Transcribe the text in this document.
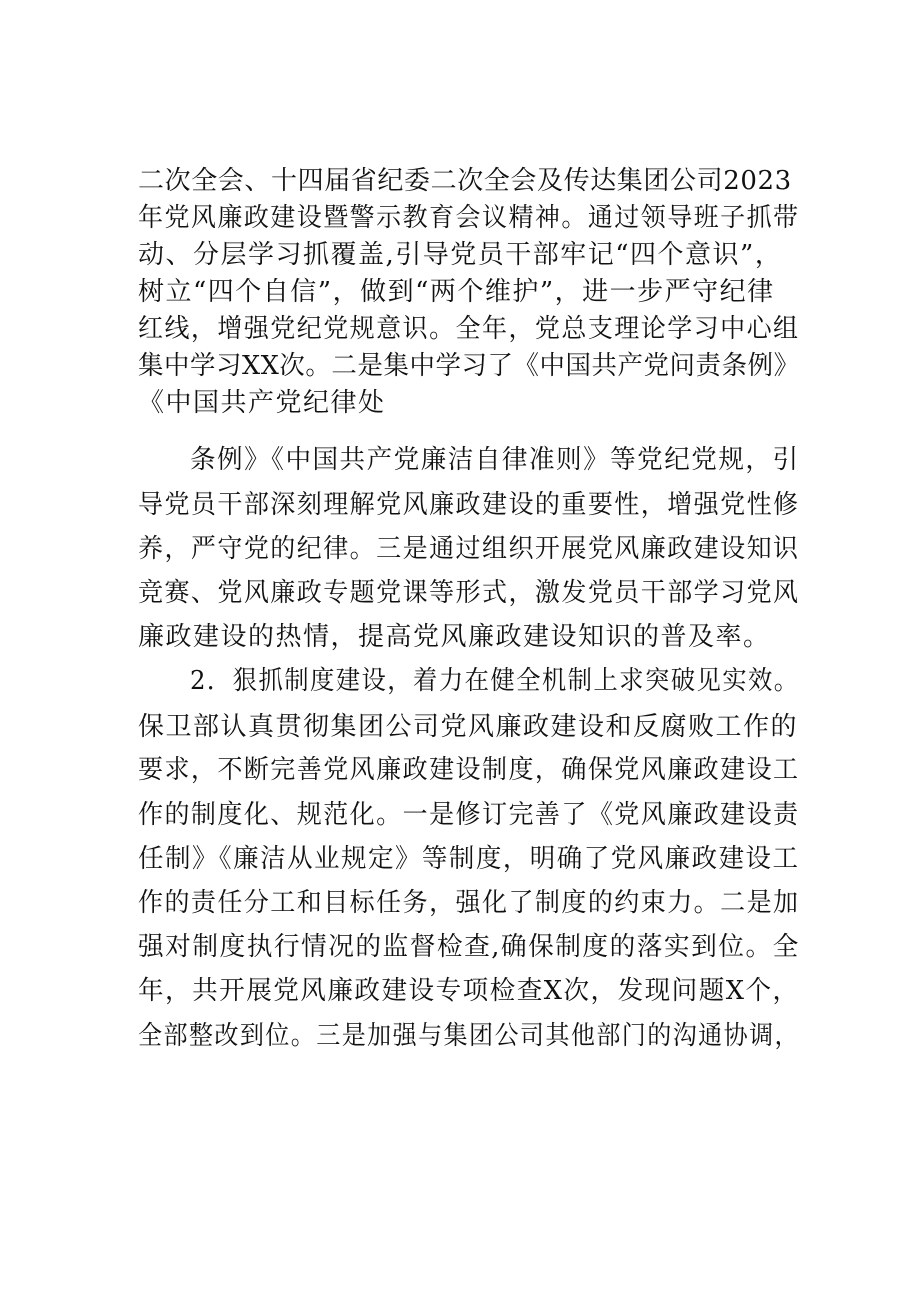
二次全会、十四届省纪委二次全会及传达集团公司2023
年党风廉政建设暨警示教育会议精神。通过领导班子抓带
动、分层学习抓覆盖,引导党员干部牢记“四个意识”，
树立“四个自信”，做到“两个维护”，进一步严守纪律
红线，增强党纪党规意识。全年，党总支理论学习中心组
集中学习XX次。二是集中学习了《中国共产党问责条例》
《中国共产党纪律处
条例》《中国共产党廉洁自律准则》等党纪党规，引
导党员干部深刻理解党风廉政建设的重要性，增强党性修
养，严守党的纪律。三是通过组织开展党风廉政建设知识
竞赛、党风廉政专题党课等形式，激发党员干部学习党风
廉政建设的热情，提高党风廉政建设知识的普及率。
2．狠抓制度建设，着力在健全机制上求突破见实效。
保卫部认真贯彻集团公司党风廉政建设和反腐败工作的
要求，不断完善党风廉政建设制度，确保党风廉政建设工
作的制度化、规范化。一是修订完善了《党风廉政建设责
任制》《廉洁从业规定》等制度，明确了党风廉政建设工
作的责任分工和目标任务，强化了制度的约束力。二是加
强对制度执行情况的监督检查,确保制度的落实到位。全
年，共开展党风廉政建设专项检查X次，发现问题X个，
全部整改到位。三是加强与集团公司其他部门的沟通协调，
